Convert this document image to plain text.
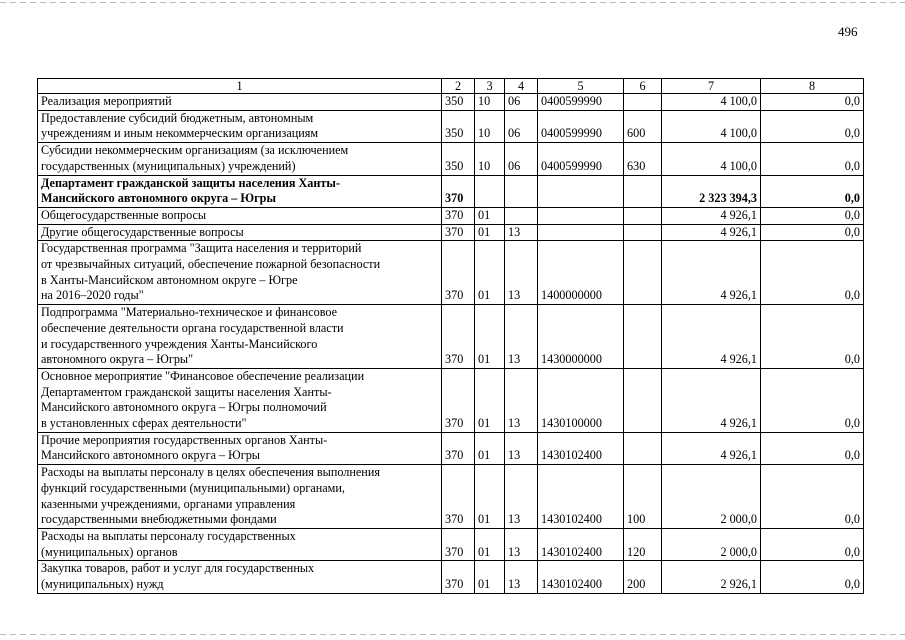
496
1	2	3	4	5	6	7	8
Реализация мероприятий	350	10	06	0400599990		4 100,0	0,0
Предоставление субсидий бюджетным, автономным
учреждениям и иным некоммерческим организациям	350	10	06	0400599990	600	4 100,0	0,0
Субсидии некоммерческим организациям (за исключением
государственных (муниципальных) учреждений)	350	10	06	0400599990	630	4 100,0	0,0
Департамент гражданской защиты населения Ханты-
Мансийского автономного округа – Югры	370					2 323 394,3	0,0
Общегосударственные вопросы	370	01				4 926,1	0,0
Другие общегосударственные вопросы	370	01	13			4 926,1	0,0
Государственная программа "Защита населения и территорий
от чрезвычайных ситуаций, обеспечение пожарной безопасности
в Ханты-Мансийском автономном округе – Югре
на 2016–2020 годы"	370	01	13	1400000000		4 926,1	0,0
Подпрограмма "Материально-техническое и финансовое
обеспечение деятельности органа государственной власти
и государственного учреждения Ханты-Мансийского
автономного округа – Югры"	370	01	13	1430000000		4 926,1	0,0
Основное мероприятие "Финансовое обеспечение реализации
Департаментом гражданской защиты населения Ханты-
Мансийского автономного округа – Югры полномочий
в установленных сферах деятельности"	370	01	13	1430100000		4 926,1	0,0
Прочие мероприятия государственных органов Ханты-
Мансийского автономного округа – Югры	370	01	13	1430102400		4 926,1	0,0
Расходы на выплаты персоналу в целях обеспечения выполнения
функций государственными (муниципальными) органами,
казенными учреждениями, органами управления
государственными внебюджетными фондами	370	01	13	1430102400	100	2 000,0	0,0
Расходы на выплаты персоналу государственных
(муниципальных) органов	370	01	13	1430102400	120	2 000,0	0,0
Закупка товаров, работ и услуг для государственных
(муниципальных) нужд	370	01	13	1430102400	200	2 926,1	0,0
